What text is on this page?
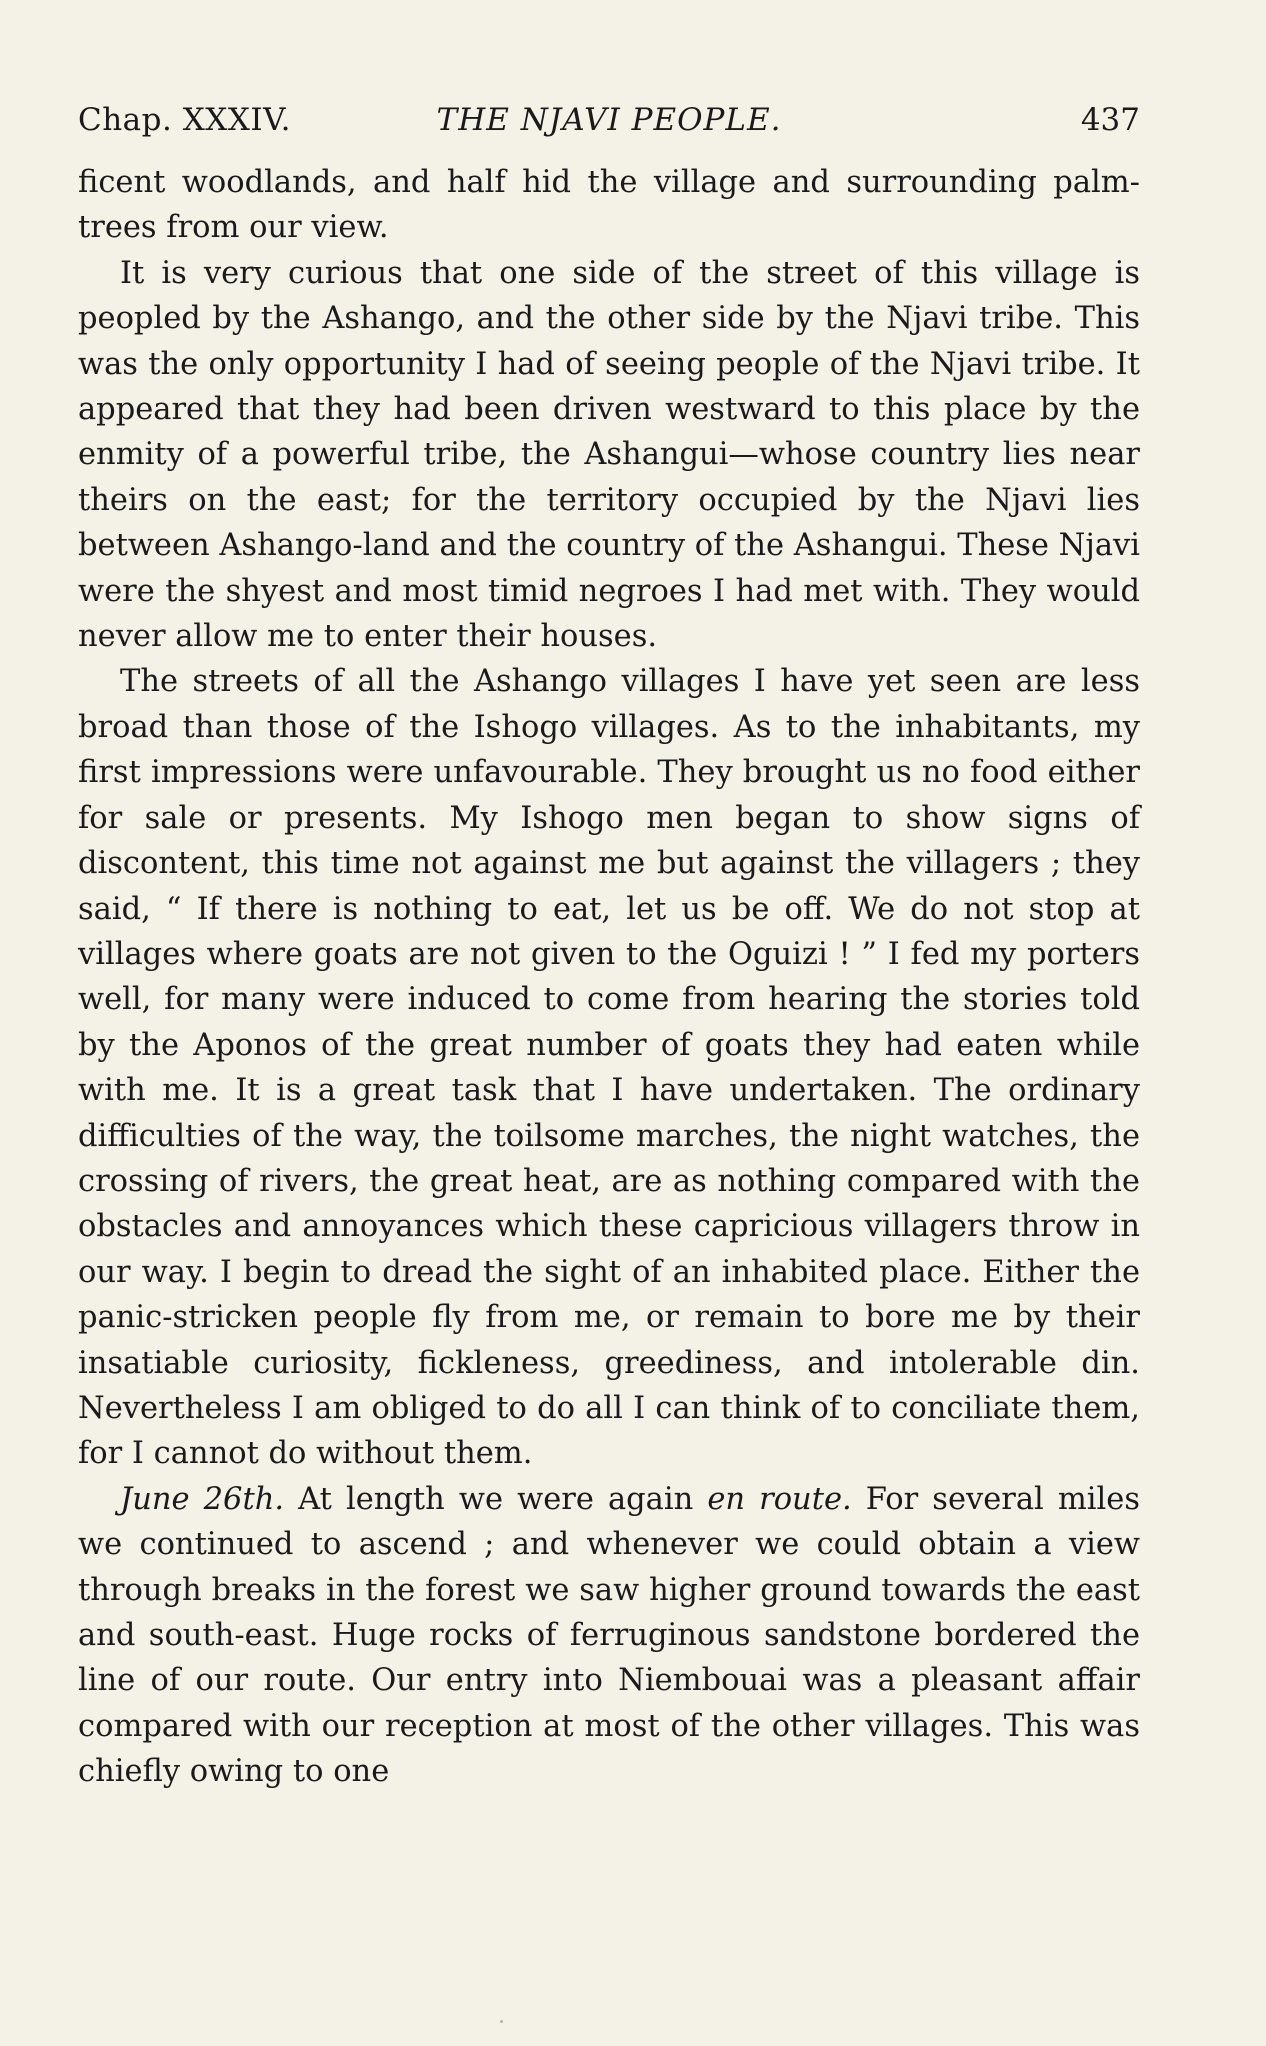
Chap. XXXIV.	THE NJAVI PEOPLE.	437

ficent woodlands, and half hid the village and surrounding palm-trees from our view.

It is very curious that one side of the street of this village is peopled by the Ashango, and the other side by the Njavi tribe. This was the only opportunity I had of seeing people of the Njavi tribe. It appeared that they had been driven westward to this place by the enmity of a powerful tribe, the Ashangui—whose country lies near theirs on the east; for the territory occupied by the Njavi lies between Ashango-land and the country of the Ashangui. These Njavi were the shyest and most timid negroes I had met with. They would never allow me to enter their houses.

The streets of all the Ashango villages I have yet seen are less broad than those of the Ishogo villages. As to the inhabitants, my first impressions were unfavourable. They brought us no food either for sale or presents. My Ishogo men began to show signs of discontent, this time not against me but against the villagers ; they said, “ If there is nothing to eat, let us be off. We do not stop at villages where goats are not given to the Oguizi ! ” I fed my porters well, for many were induced to come from hearing the stories told by the Aponos of the great number of goats they had eaten while with me. It is a great task that I have undertaken. The ordinary difficulties of the way, the toilsome marches, the night watches, the crossing of rivers, the great heat, are as nothing compared with the obstacles and annoyances which these capricious villagers throw in our way. I begin to dread the sight of an inhabited place. Either the panic-stricken people fly from me, or remain to bore me by their insatiable curiosity, fickleness, greediness, and intolerable din. Nevertheless I am obliged to do all I can think of to conciliate them, for I cannot do without them.

June 26th. At length we were again en route. For several miles we continued to ascend ; and whenever we could obtain a view through breaks in the forest we saw higher ground towards the east and south-east. Huge rocks of ferruginous sandstone bordered the line of our route. Our entry into Niembouai was a pleasant affair compared with our reception at most of the other villages. This was chiefly owing to one
